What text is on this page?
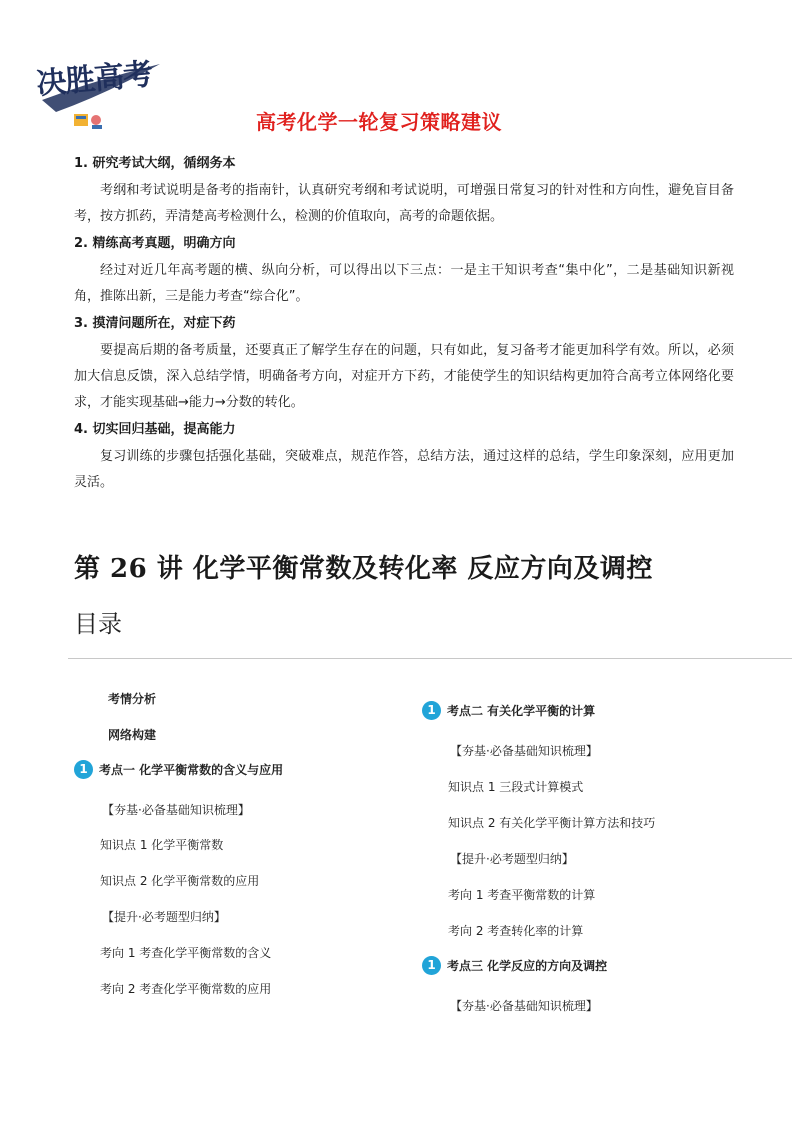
决胜高考
高考化学一轮复习策略建议
1. 研究考试大纲，循纲务本

考纲和考试说明是备考的指南针，认真研究考纲和考试说明，可增强日常复习的针对性和方向性，避免盲目备考，按方抓药，弄清楚高考检测什么，检测的价值取向，高考的命题依据。

2. 精练高考真题，明确方向

经过对近几年高考题的横、纵向分析，可以得出以下三点：一是主干知识考查“集中化”，二是基础知识新视角，推陈出新，三是能力考查“综合化”。

3. 摸清问题所在，对症下药

要提高后期的备考质量，还要真正了解学生存在的问题，只有如此，复习备考才能更加科学有效。所以，必须加大信息反馈，深入总结学情，明确备考方向，对症开方下药，才能使学生的知识结构更加符合高考立体网络化要求，才能实现基础→能力→分数的转化。

4. 切实回归基础，提高能力

复习训练的步骤包括强化基础，突破难点，规范作答，总结方法，通过这样的总结，学生印象深刻，应用更加灵活。

第 26 讲 化学平衡常数及转化率 反应方向及调控
目录
考情分析
网络构建
1 考点一 化学平衡常数的含义与应用
【夯基·必备基础知识梳理】
知识点 1 化学平衡常数
知识点 2 化学平衡常数的应用
【提升·必考题型归纳】
考向 1 考查化学平衡常数的含义
考向 2 考查化学平衡常数的应用
1 考点二 有关化学平衡的计算
【夯基·必备基础知识梳理】
知识点 1 三段式计算模式
知识点 2 有关化学平衡计算方法和技巧
【提升·必考题型归纳】
考向 1 考查平衡常数的计算
考向 2 考查转化率的计算
1 考点三 化学反应的方向及调控
【夯基·必备基础知识梳理】
